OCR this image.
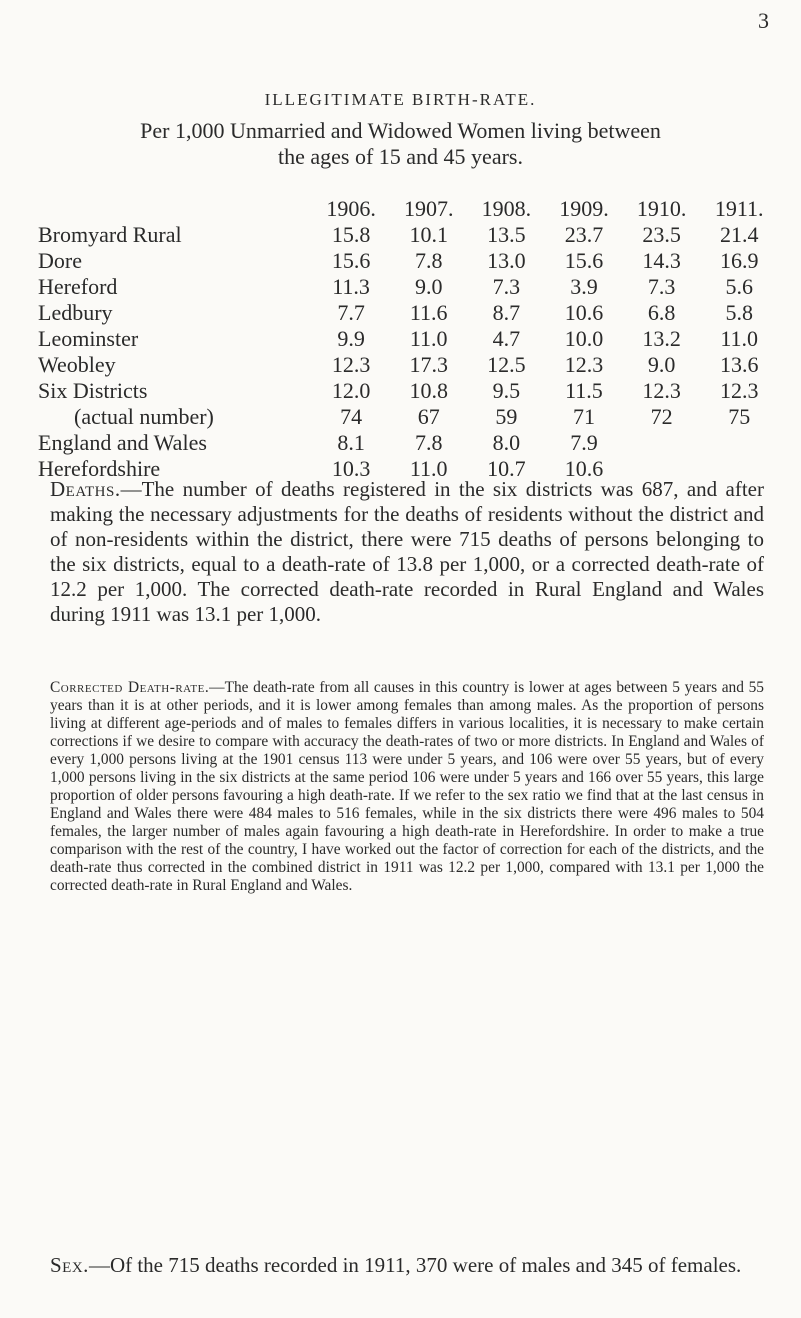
3
ILLEGITIMATE BIRTH-RATE.
Per 1,000 Unmarried and Widowed Women living between
the ages of 15 and 45 years.
	1906.	1907.	1908.	1909.	1910.	1911.
Bromyard Rural	15.8	10.1	13.5	23.7	23.5	21.4
Dore	15.6	7.8	13.0	15.6	14.3	16.9
Hereford	11.3	9.0	7.3	3.9	7.3	5.6
Ledbury	7.7	11.6	8.7	10.6	6.8	5.8
Leominster	9.9	11.0	4.7	10.0	13.2	11.0
Weobley	12.3	17.3	12.5	12.3	9.0	13.6
Six Districts	12.0	10.8	9.5	11.5	12.3	12.3
(actual number)	74	67	59	71	72	75
England and Wales	8.1	7.8	8.0	7.9		
Herefordshire	10.3	11.0	10.7	10.6		

Deaths.—The number of deaths registered in the six districts was 687, and after making the necessary adjustments for the deaths of residents without the district and of non-residents within the district, there were 715 deaths of persons belonging to the six districts, equal to a death-rate of 13.8 per 1,000, or a corrected death-rate of 12.2 per 1,000. The corrected death-rate recorded in Rural England and Wales during 1911 was 13.1 per 1,000.

Corrected Death-rate.—The death-rate from all causes in this country is lower at ages between 5 years and 55 years than it is at other periods, and it is lower among females than among males. As the proportion of persons living at different age-periods and of males to females differs in various localities, it is necessary to make certain corrections if we desire to compare with accuracy the death-rates of two or more districts. In England and Wales of every 1,000 persons living at the 1901 census 113 were under 5 years, and 106 were over 55 years, but of every 1,000 persons living in the six districts at the same period 106 were under 5 years and 166 over 55 years, this large proportion of older persons favouring a high death-rate. If we refer to the sex ratio we find that at the last census in England and Wales there were 484 males to 516 females, while in the six districts there were 496 males to 504 females, the larger number of males again favouring a high death-rate in Herefordshire. In order to make a true comparison with the rest of the country, I have worked out the factor of correction for each of the districts, and the death-rate thus corrected in the combined district in 1911 was 12.2 per 1,000, compared with 13.1 per 1,000 the corrected death-rate in Rural England and Wales.

Sex.—Of the 715 deaths recorded in 1911, 370 were of males and 345 of females.
